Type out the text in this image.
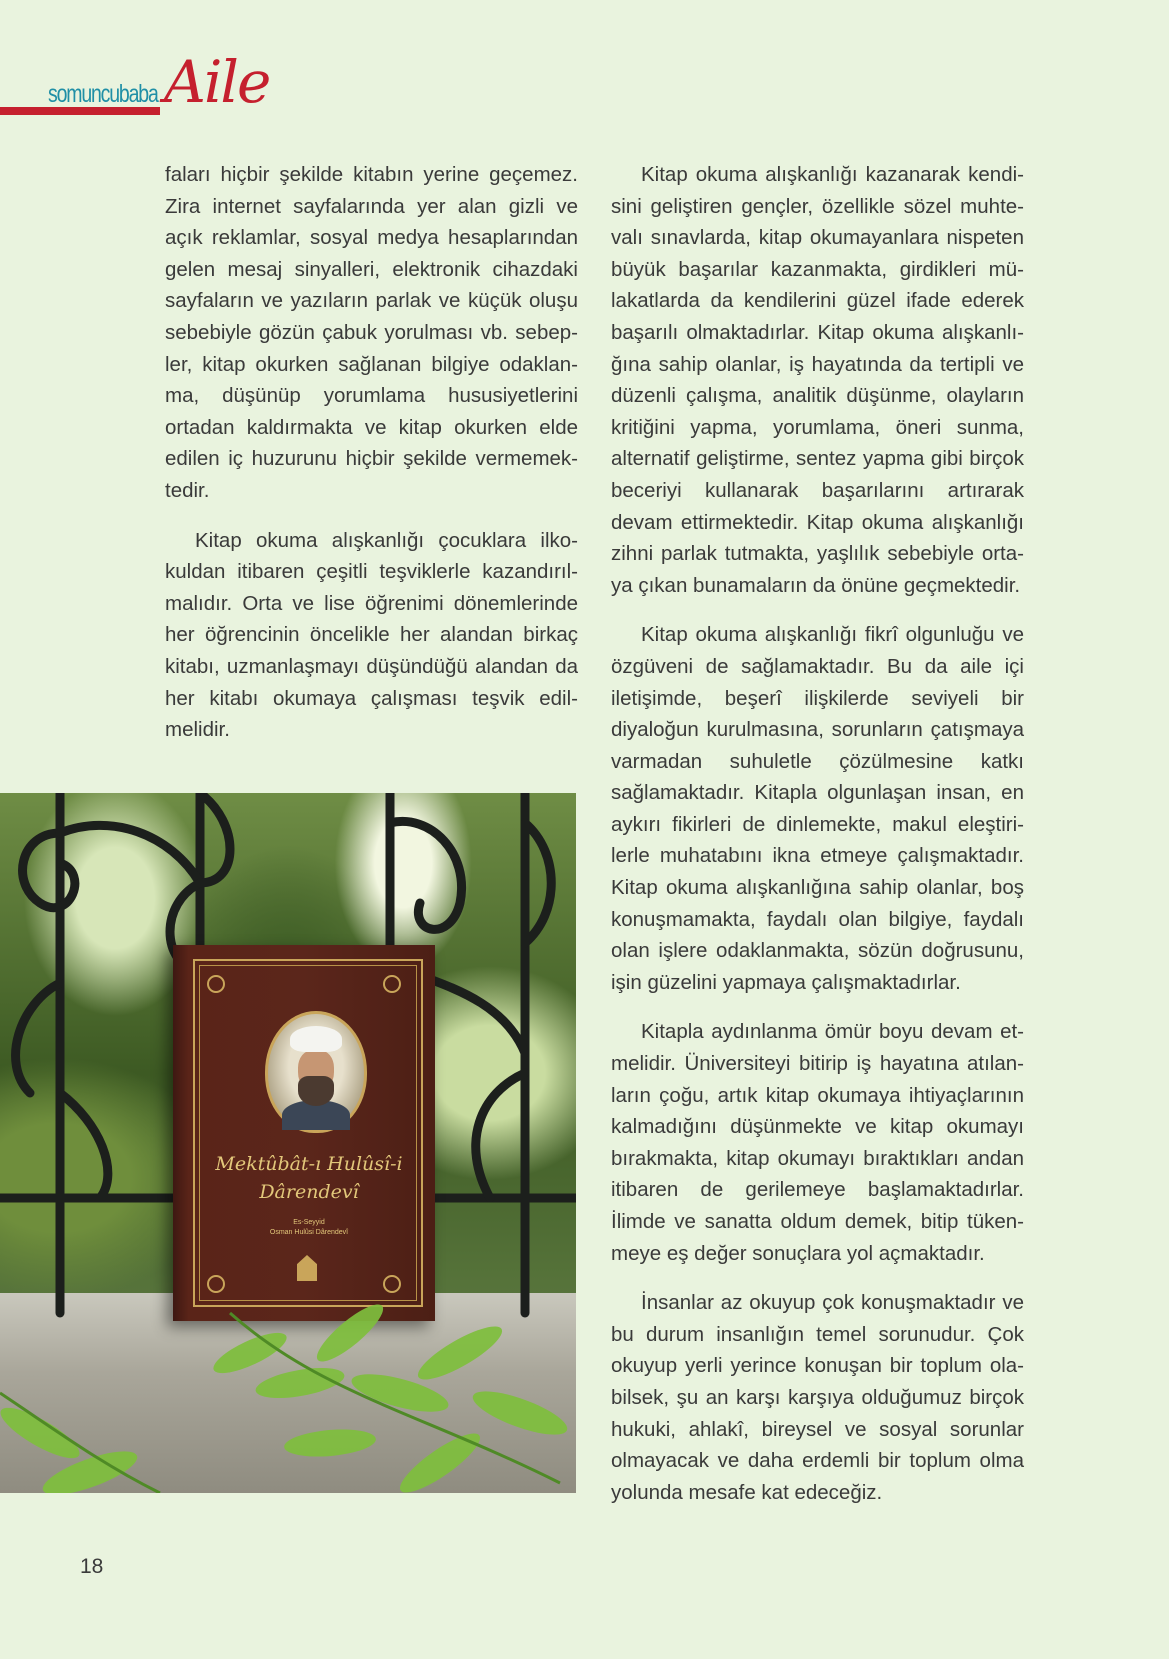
somuncubaba Aile

faları hiçbir şekilde kitabın yerine geçemez. Zira internet sayfalarında yer alan gizli ve açık reklamlar, sosyal medya hesaplarından gelen mesaj sinyalleri, elektronik cihazdaki sayfaların ve yazıların parlak ve küçük oluşu sebebiyle gözün çabuk yorulması vb. sebepler, kitap okurken sağlanan bilgiye odaklanma, düşünüp yorumlama hususiyetlerini ortadan kaldırmakta ve kitap okurken elde edilen iç huzurunu hiçbir şekilde vermemektedir.

Kitap okuma alışkanlığı çocuklara ilkokuldan itibaren çeşitli teşviklerle kazandırılmalıdır. Orta ve lise öğrenimi dönemlerinde her öğrencinin öncelikle her alandan birkaç kitabı, uzmanlaşmayı düşündüğü alandan da her kitabı okumaya çalışması teşvik edilmelidir.

Kitap okuma alışkanlığı kazanarak kendisini geliştiren gençler, özellikle sözel muhtevalı sınavlarda, kitap okumayanlara nispeten büyük başarılar kazanmakta, girdikleri mülakatlarda da kendilerini güzel ifade ederek başarılı olmaktadırlar. Kitap okuma alışkanlığına sahip olanlar, iş hayatında da tertipli ve düzenli çalışma, analitik düşünme, olayların kritiğini yapma, yorumlama, öneri sunma, alternatif geliştirme, sentez yapma gibi birçok beceriyi kullanarak başarılarını artırarak devam ettirmektedir. Kitap okuma alışkanlığı zihni parlak tutmakta, yaşlılık sebebiyle ortaya çıkan bunamaların da önüne geçmektedir.

Kitap okuma alışkanlığı fikrî olgunluğu ve özgüveni de sağlamaktadır. Bu da aile içi iletişimde, beşerî ilişkilerde seviyeli bir diyaloğun kurulmasına, sorunların çatışmaya varmadan suhuletle çözülmesine katkı sağlamaktadır. Kitapla olgunlaşan insan, en aykırı fikirleri de dinlemekte, makul eleştirilerle muhatabını ikna etmeye çalışmaktadır. Kitap okuma alışkanlığına sahip olanlar, boş konuşmamakta, faydalı olan bilgiye, faydalı olan işlere odaklanmakta, sözün doğrusunu, işin güzelini yapmaya çalışmaktadırlar.

Kitapla aydınlanma ömür boyu devam etmelidir. Üniversiteyi bitirip iş hayatına atılanların çoğu, artık kitap okumaya ihtiyaçlarının kalmadığını düşünmekte ve kitap okumayı bırakmakta, kitap okumayı bıraktıkları andan itibaren de gerilemeye başlamaktadırlar. İlimde ve sanatta oldum demek, bitip tükenmeye eş değer sonuçlara yol açmaktadır.

İnsanlar az okuyup çok konuşmaktadır ve bu durum insanlığın temel sorunudur. Çok okuyup yerli yerince konuşan bir toplum olabilsek, şu an karşı karşıya olduğumuz birçok hukuki, ahlakî, bireysel ve sosyal sorunlar olmayacak ve daha erdemli bir toplum olma yolunda mesafe kat edeceğiz.

Mektûbât-ı Hulûsî-i
Dârendevî
Es-Seyyid
Osman Hulûsi Dârendevî
18
